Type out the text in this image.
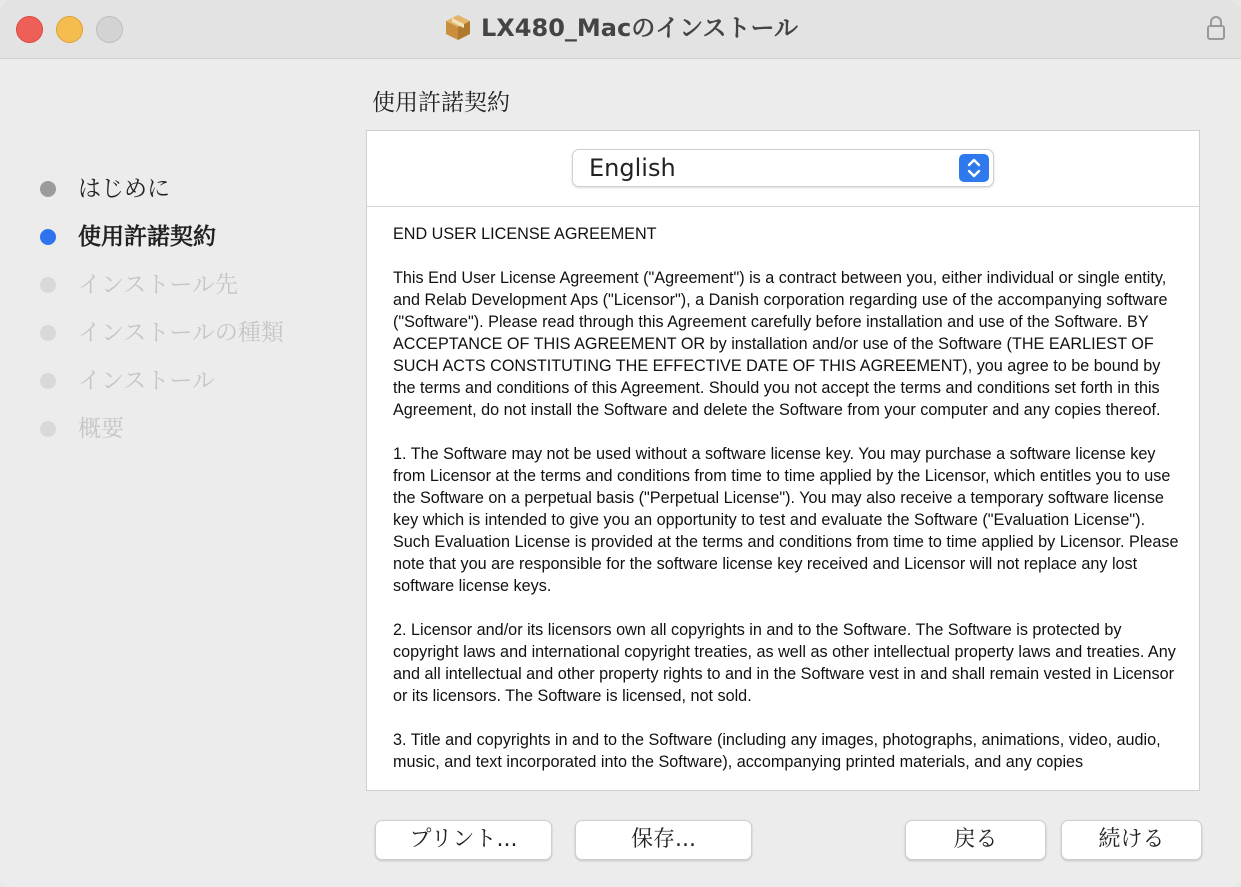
LX480_Macのインストール
はじめに
使用許諾契約
インストール先
インストールの種類
インストール
概要
使用許諾契約
English

END USER LICENSE AGREEMENT

This End User License Agreement ("Agreement") is a contract between you, either individual or single entity, and Relab Development Aps ("Licensor"), a Danish corporation regarding use of the accompanying software ("Software"). Please read through this Agreement carefully before installation and use of the Software. BY ACCEPTANCE OF THIS AGREEMENT OR by installation and/or use of the Software (THE EARLIEST OF SUCH ACTS CONSTITUTING THE EFFECTIVE DATE OF THIS AGREEMENT), you agree to be bound by the terms and conditions of this Agreement. Should you not accept the terms and conditions set forth in this Agreement, do not install the Software and delete the Software from your computer and any copies thereof.

1. The Software may not be used without a software license key. You may purchase a software license key from Licensor at the terms and conditions from time to time applied by the Licensor, which entitles you to use the Software on a perpetual basis ("Perpetual License"). You may also receive a temporary software license key which is intended to give you an opportunity to test and evaluate the Software ("Evaluation License"). Such Evaluation License is provided at the terms and conditions from time to time applied by Licensor. Please note that you are responsible for the software license key received and Licensor will not replace any lost software license keys.

2. Licensor and/or its licensors own all copyrights in and to the Software. The Software is protected by copyright laws and international copyright treaties, as well as other intellectual property laws and treaties. Any and all intellectual and other property rights to and in the Software vest in and shall remain vested in Licensor or its licensors. The Software is licensed, not sold.

3. Title and copyrights in and to the Software (including any images, photographs, animations, video, audio, music, and text incorporated into the Software), accompanying printed materials, and any copies

プリント...	保存...	戻る	続ける
